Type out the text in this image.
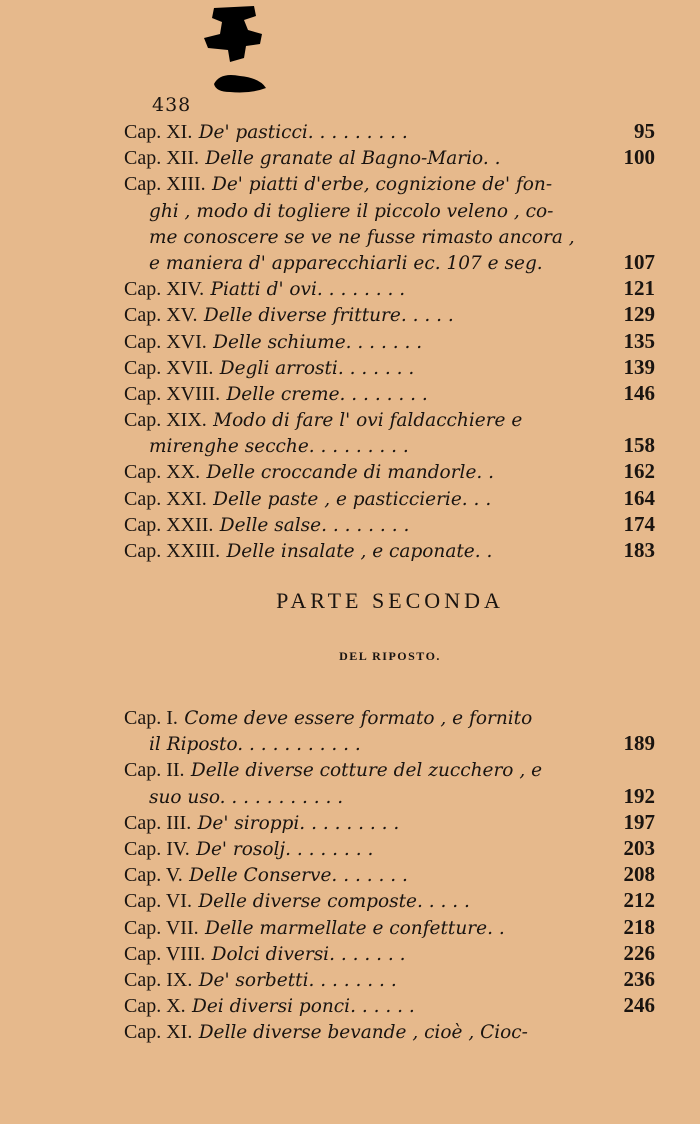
438
Cap. XI. De' pasticci. . . . . . . . .	95
Cap. XII. Delle granate al Bagno-Mario. .	100
Cap. XIII. De' piatti d'erbe, cognizione de' fon-
ghi , modo di togliere il piccolo veleno , co-
me conoscere se ve ne fusse rimasto ancora ,
e maniera d' apparecchiarli ec. 107 e seg.	107
Cap. XIV. Piatti d' ovi. . . . . . . .	121
Cap. XV. Delle diverse fritture. . . . .	129
Cap. XVI. Delle schiume. . . . . . .	135
Cap. XVII. Degli arrosti. . . . . . .	139
Cap. XVIII. Delle creme. . . . . . . .	146
Cap. XIX. Modo di fare l' ovi faldacchiere e
mirenghe secche. . . . . . . . .	158
Cap. XX. Delle croccande di mandorle. .	162
Cap. XXI. Delle paste , e pasticcierie. . .	164
Cap. XXII. Delle salse. . . . . . . .	174
Cap. XXIII. Delle insalate , e caponate. .	183
PARTE SECONDA
DEL RIPOSTO.
Cap. I. Come deve essere formato , e fornito
il Riposto. . . . . . . . . . .	189
Cap. II. Delle diverse cotture del zucchero , e
suo uso. . . . . . . . . . .	192
Cap. III. De' siroppi. . . . . . . . .	197
Cap. IV. De' rosolj. . . . . . . .	203
Cap. V. Delle Conserve. . . . . . .	208
Cap. VI. Delle diverse composte. . . . .	212
Cap. VII. Delle marmellate e confetture. .	218
Cap. VIII. Dolci diversi. . . . . . .	226
Cap. IX. De' sorbetti. . . . . . . .	236
Cap. X. Dei diversi ponci. . . . . .	246
Cap. XI. Delle diverse bevande , cioè , Cioc-
